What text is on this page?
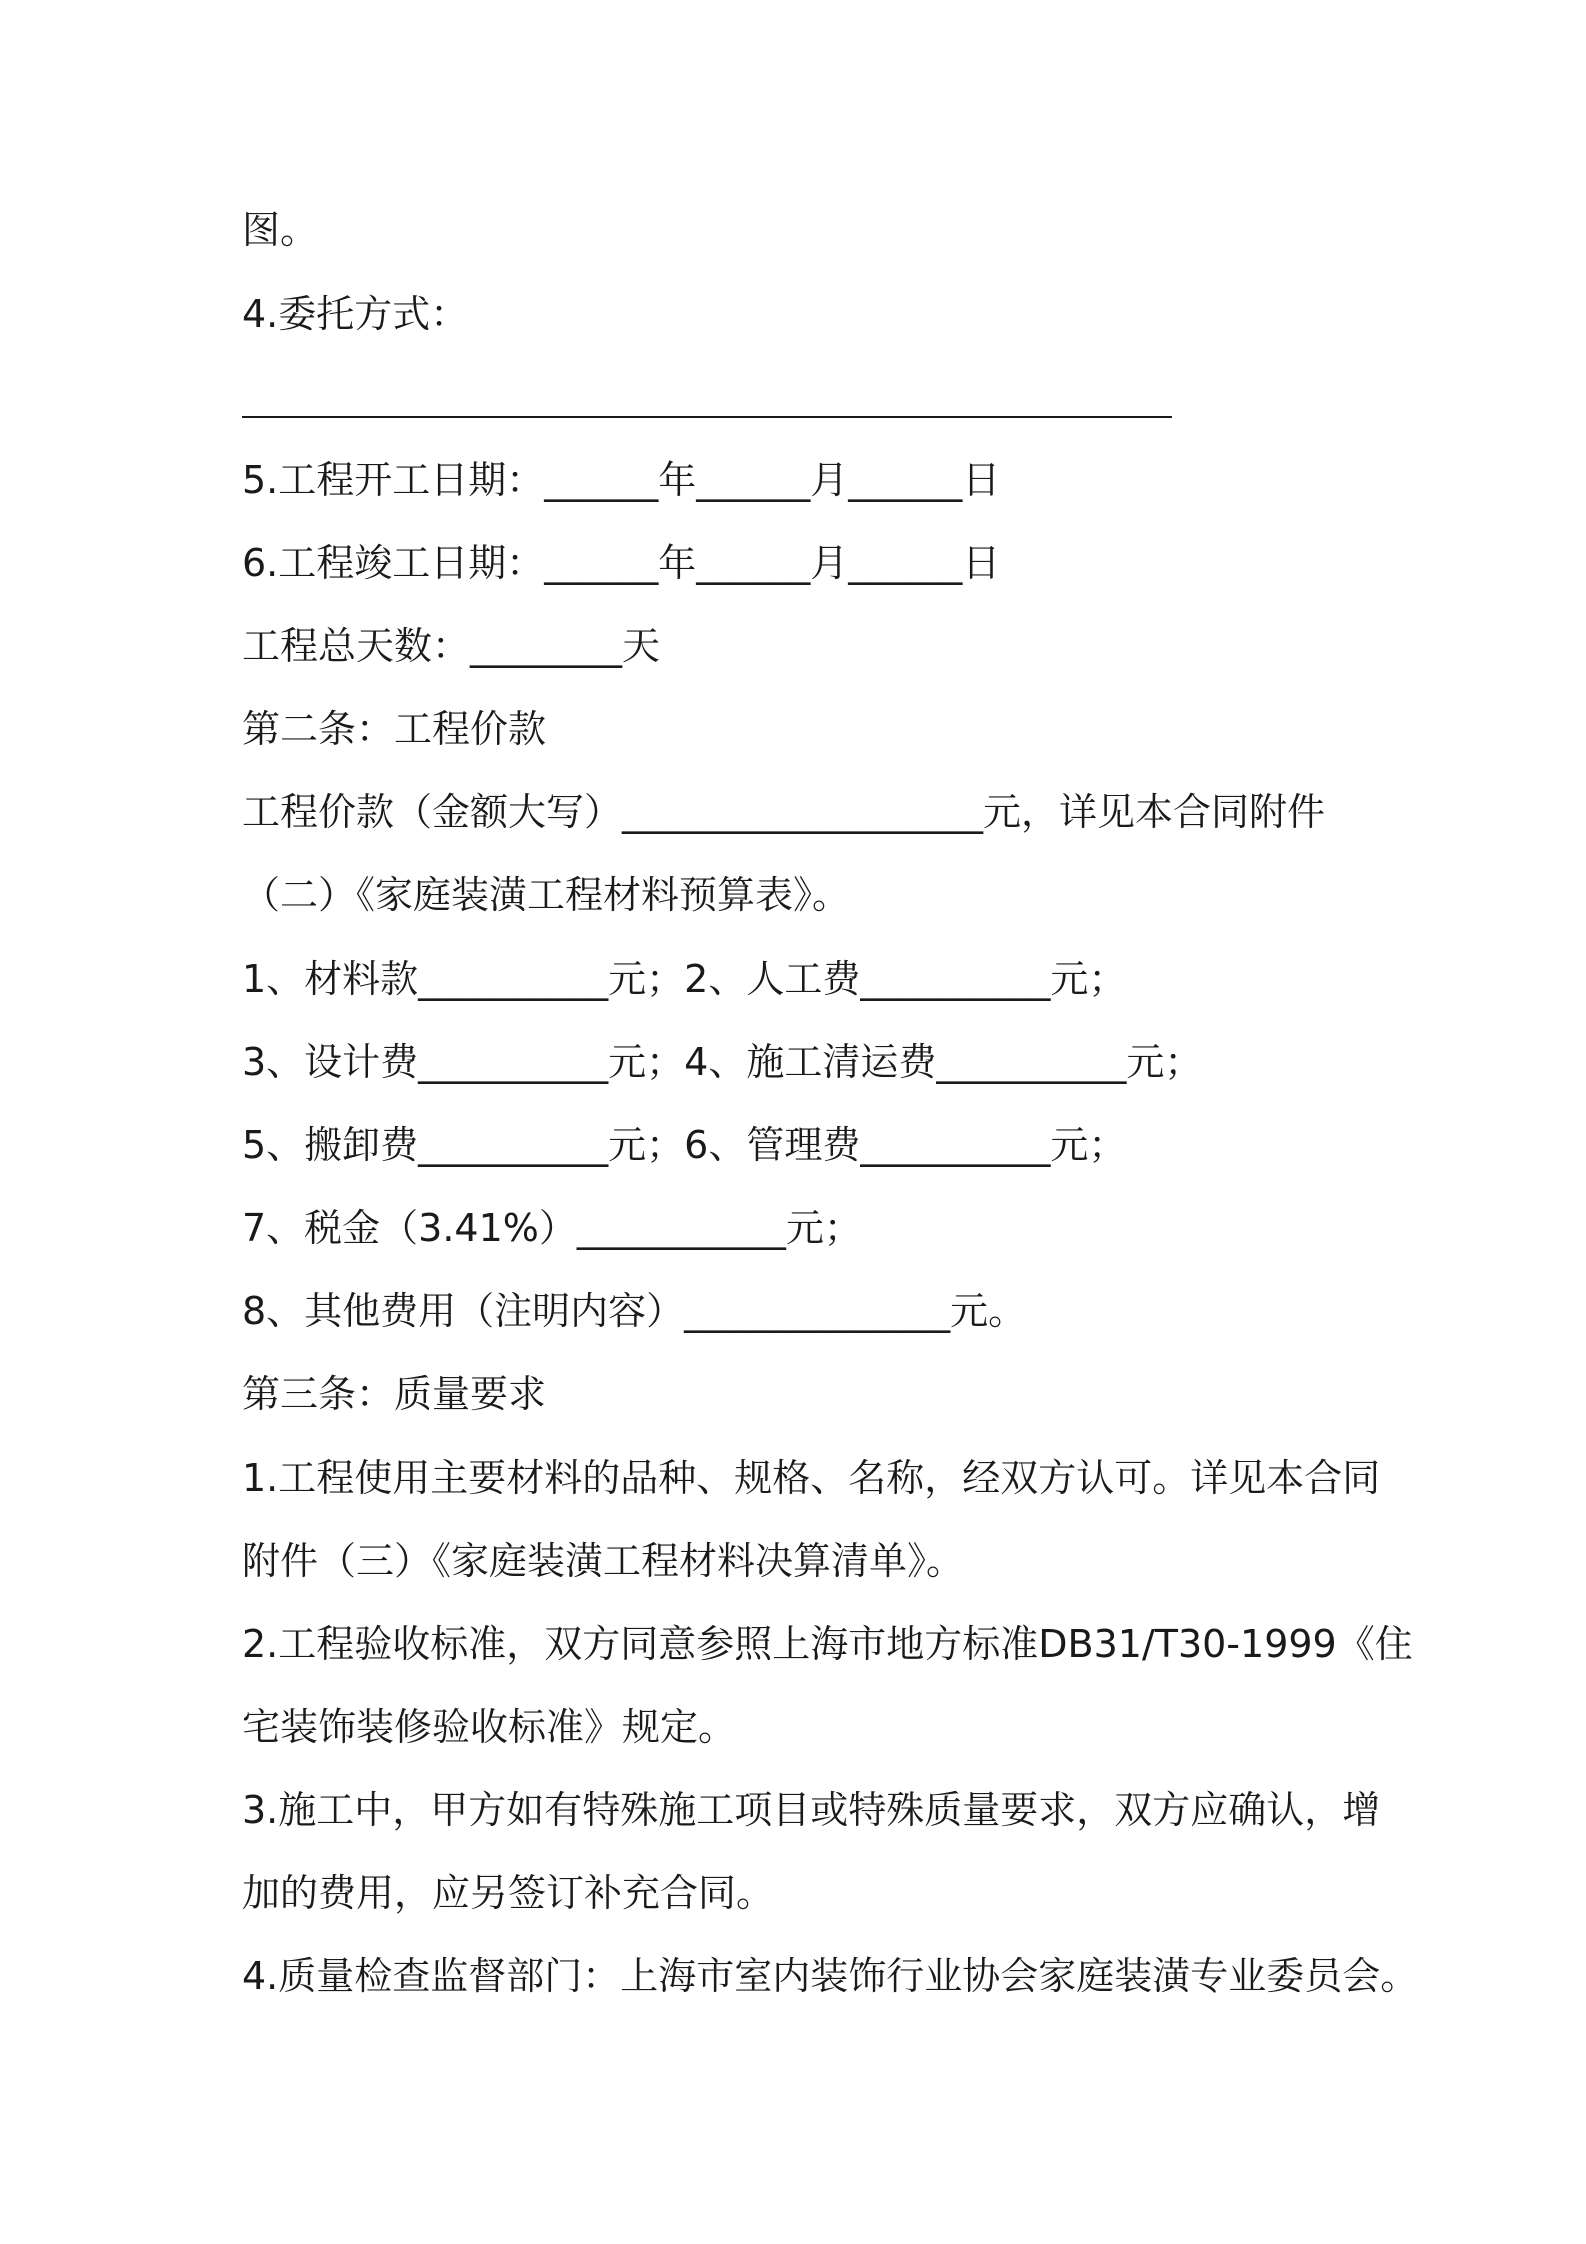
图。

4.委托方式：

5.工程开工日期：______年______月______日

6.工程竣工日期：______年______月______日

工程总天数：________天

第二条：工程价款

工程价款（金额大写）___________________元，详见本合同附件

（二）《家庭装潢工程材料预算表》。

1、材料款__________元；2、人工费__________元；

3、设计费__________元；4、施工清运费__________元；

5、搬卸费__________元；6、管理费__________元；

7、税金（3.41%）___________元；

8、其他费用（注明内容）______________元。

第三条：质量要求

1.工程使用主要材料的品种、规格、名称，经双方认可。详见本合同

附件（三）《家庭装潢工程材料决算清单》。

2.工程验收标准，双方同意参照上海市地方标准DB31/T30-1999《住

宅装饰装修验收标准》规定。

3.施工中，甲方如有特殊施工项目或特殊质量要求，双方应确认，增

加的费用，应另签订补充合同。

4.质量检查监督部门：上海市室内装饰行业协会家庭装潢专业委员会。
